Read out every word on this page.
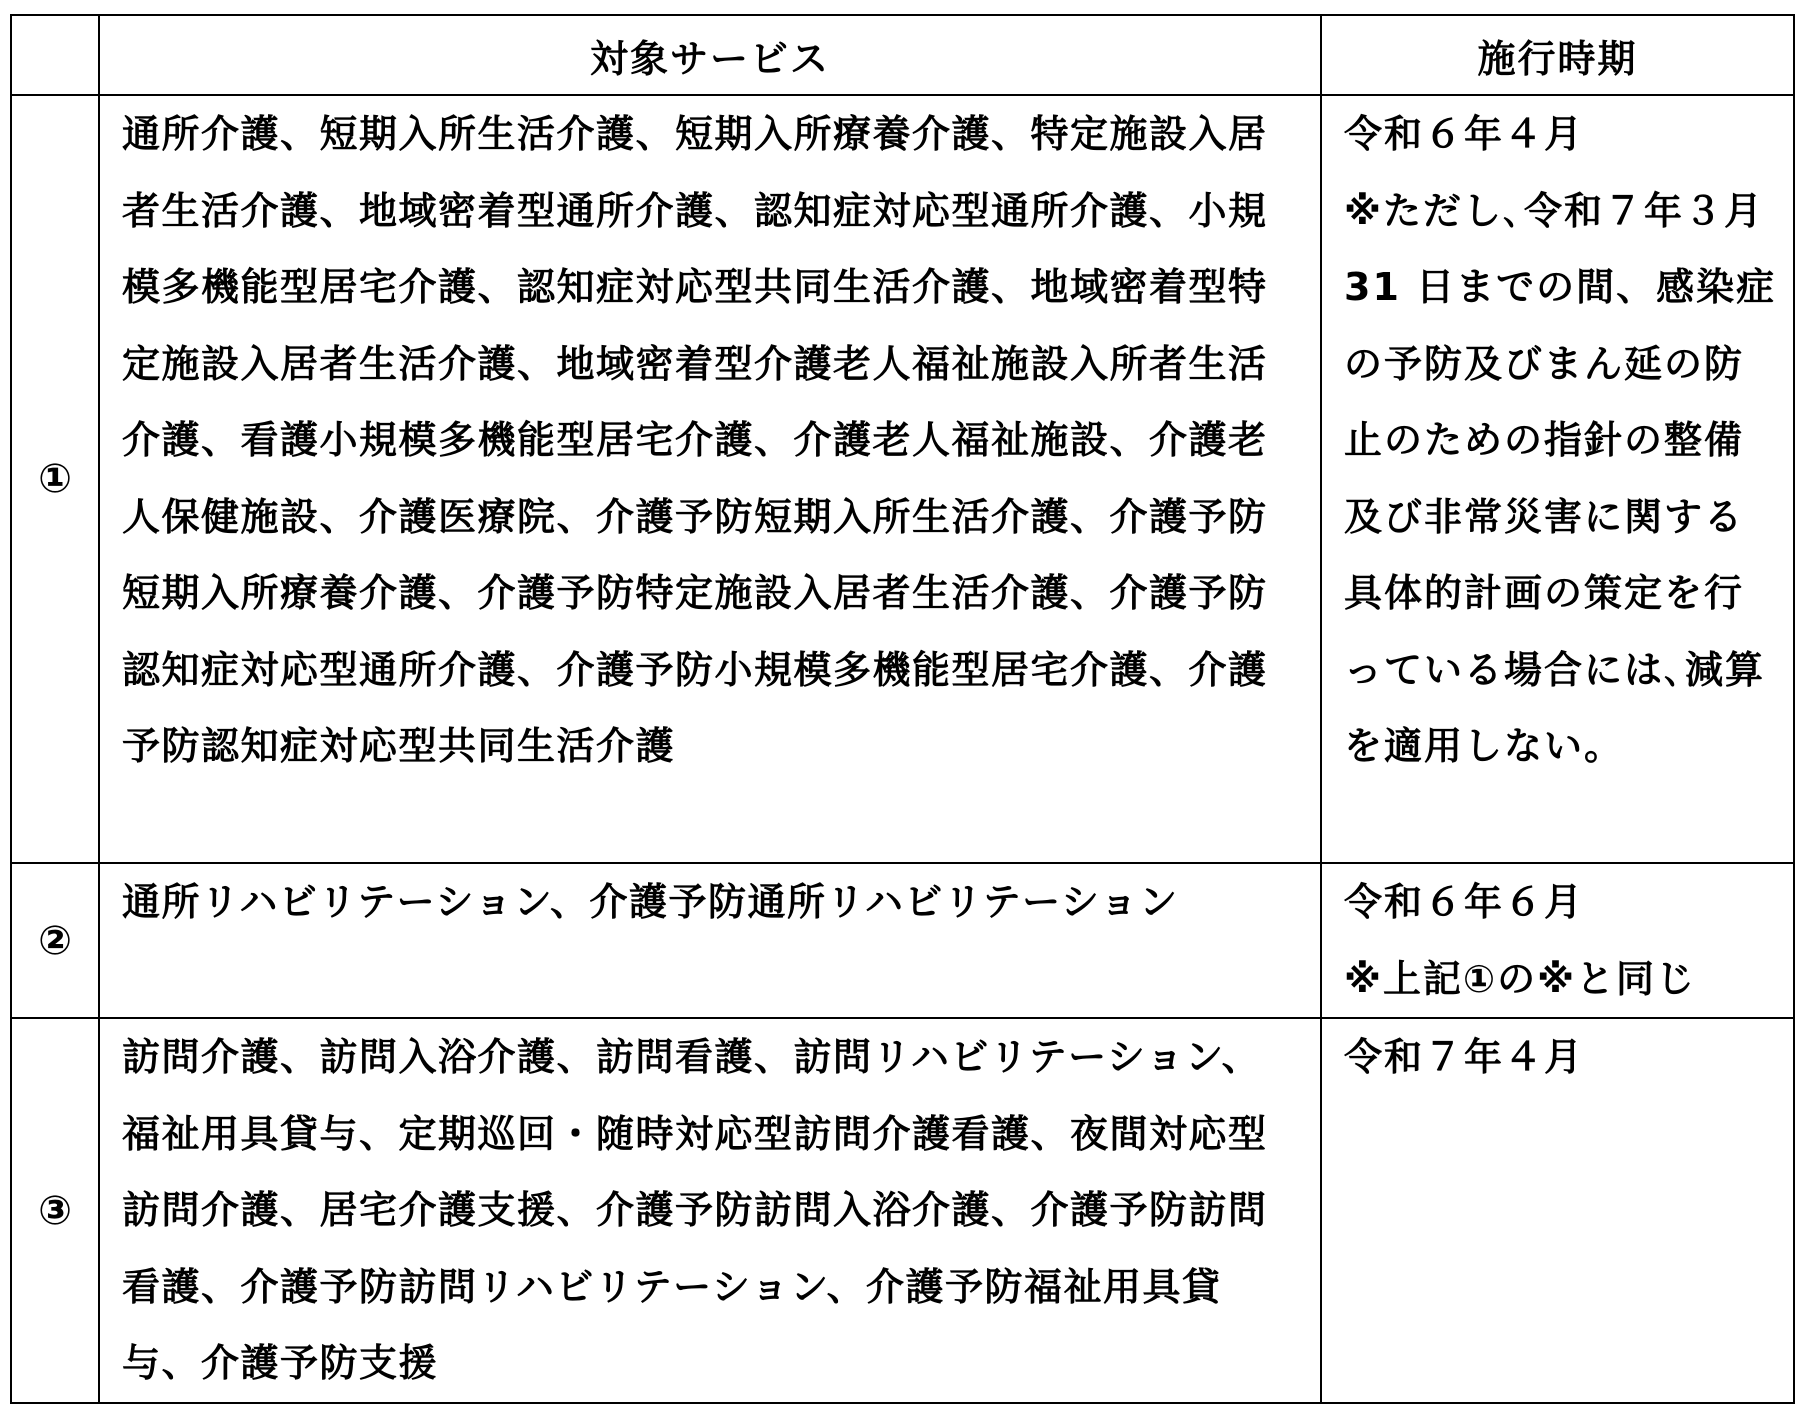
	対象サービス	施行時期
①	通所介護、短期入所生活介護、短期入所療養介護、特定施設入居者生活介護、地域密着型通所介護、認知症対応型通所介護、小規模多機能型居宅介護、認知症対応型共同生活介護、地域密着型特定施設入居者生活介護、地域密着型介護老人福祉施設入所者生活介護、看護小規模多機能型居宅介護、介護老人福祉施設、介護老人保健施設、介護医療院、介護予防短期入所生活介護、介護予防短期入所療養介護、介護予防特定施設入居者生活介護、介護予防認知症対応型通所介護、介護予防小規模多機能型居宅介護、介護予防認知症対応型共同生活介護	令和６年４月
※ただし､令和７年３月 31 日までの間、感染症の予防及びまん延の防止のための指針の整備及び非常災害に関する具体的計画の策定を行っている場合には､減算を適用しない。

②	通所リハビリテーション、介護予防通所リハビリテーション	令和６年６月
※上記①の※と同じ

③	訪問介護、訪問入浴介護、訪問看護、訪問リハビリテーション、福祉用具貸与、定期巡回・随時対応型訪問介護看護、夜間対応型訪問介護、居宅介護支援、介護予防訪問入浴介護、介護予防訪問看護、介護予防訪問リハビリテーション、介護予防福祉用具貸与、介護予防支援	令和７年４月
